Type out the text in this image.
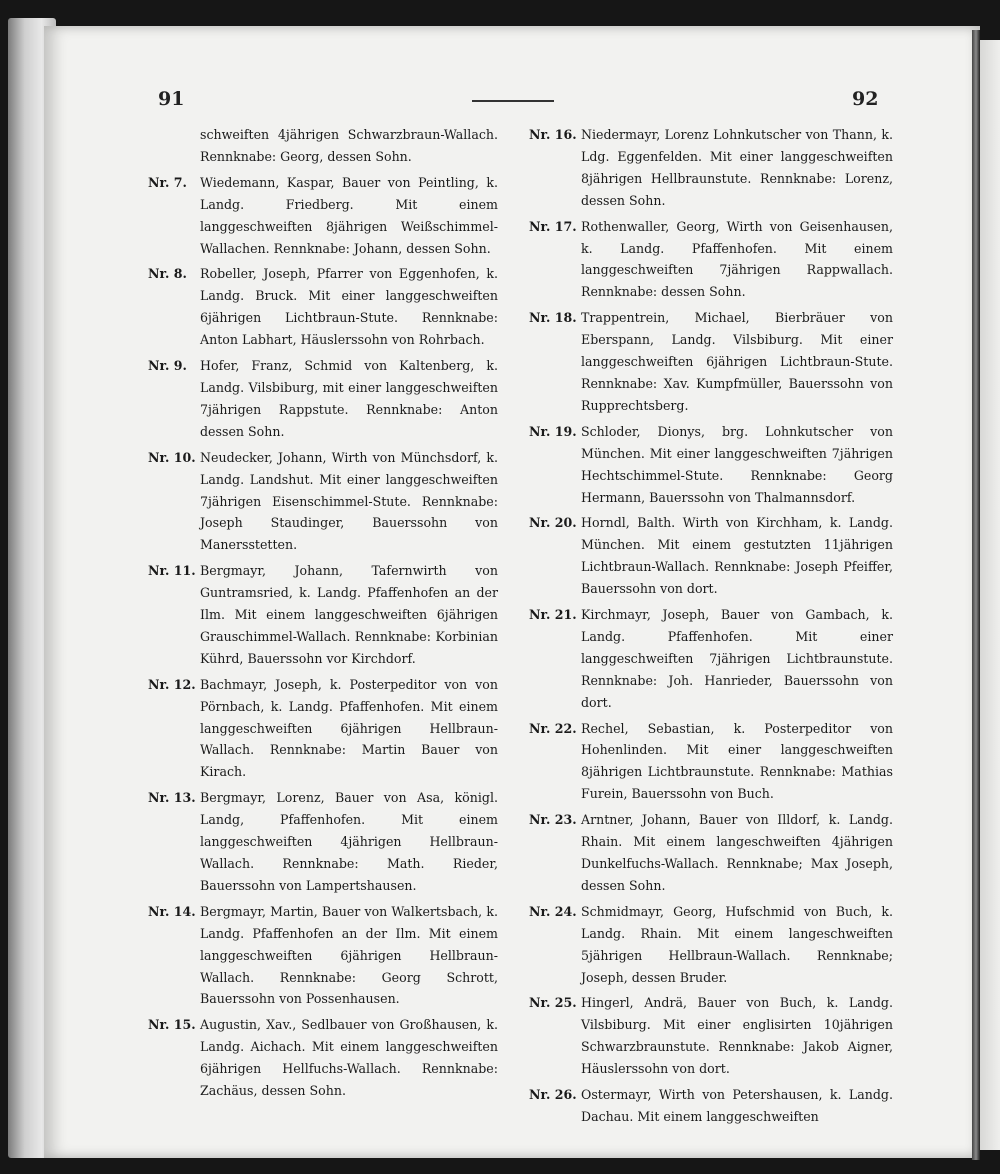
91	92
schweiften 4jährigen Schwarzbraun-Wallach. Rennknabe: Georg, dessen Sohn.
Nr. 7.	Wiedemann, Kaspar, Bauer von Peintling, k. Landg. Friedberg. Mit einem langgeschweiften 8jährigen Weißschimmel-Wallachen. Rennknabe: Johann, dessen Sohn.
Nr. 8.	Robeller, Joseph, Pfarrer von Eggenhofen, k. Landg. Bruck. Mit einer langgeschweiften 6jährigen Lichtbraun-Stute. Rennknabe: Anton Labhart, Häuslerssohn von Rohrbach.
Nr. 9.	Hofer, Franz, Schmid von Kaltenberg, k. Landg. Vilsbiburg, mit einer langgeschweiften 7jährigen Rappstute. Rennknabe: Anton dessen Sohn.
Nr. 10. Neudecker, Johann, Wirth von Münchsdorf, k. Landg. Landshut. Mit einer langgeschweiften 7jährigen Eisenschimmel-Stute. Rennknabe: Joseph Staudinger, Bauerssohn von Manersstetten.
Nr. 11. Bergmayr, Johann, Tafernwirth von Guntramsried, k. Landg. Pfaffenhofen an der Ilm. Mit einem langgeschweiften 6jährigen Grauschimmel-Wallach. Rennknabe: Korbinian Kührd, Bauerssohn vor Kirchdorf.
Nr. 12. Bachmayr, Joseph, k. Posterpeditor von von Pörnbach, k. Landg. Pfaffenhofen. Mit einem langgeschweiften 6jährigen Hellbraun-Wallach. Rennknabe: Martin Bauer von Kirach.
Nr. 13. Bergmayr, Lorenz, Bauer von Asa, königl. Landg, Pfaffenhofen. Mit einem langgeschweiften 4jährigen Hellbraun-Wallach. Rennknabe: Math. Rieder, Bauerssohn von Lampertshausen.
Nr. 14. Bergmayr, Martin, Bauer von Walkertsbach, k. Landg. Pfaffenhofen an der Ilm. Mit einem langgeschweiften 6jährigen Hellbraun-Wallach. Rennknabe: Georg Schrott, Bauerssohn von Possenhausen.
Nr. 15. Augustin, Xav., Sedlbauer von Großhausen, k. Landg. Aichach. Mit einem langgeschweiften 6jährigen Hellfuchs-Wallach. Rennknabe: Zachäus, dessen Sohn.
Nr. 16. Niedermayr, Lorenz Lohnkutscher von Thann, k. Ldg. Eggenfelden. Mit einer langgeschweiften 8jährigen Hellbraunstute. Rennknabe: Lorenz, dessen Sohn.
Nr. 17. Rothenwaller, Georg, Wirth von Geisenhausen, k. Landg. Pfaffenhofen. Mit einem langgeschweiften 7jährigen Rappwallach. Rennknabe: dessen Sohn.
Nr. 18. Trappentrein, Michael, Bierbräuer von Eberspann, Landg. Vilsbiburg. Mit einer langgeschweiften 6jährigen Lichtbraun-Stute. Rennknabe: Xav. Kumpfmüller, Bauerssohn von Rupprechtsberg.
Nr. 19. Schloder, Dionys, brg. Lohnkutscher von München. Mit einer langgeschweiften 7jährigen Hechtschimmel-Stute. Rennknabe: Georg Hermann, Bauerssohn von Thalmannsdorf.
Nr. 20. Horndl, Balth. Wirth von Kirchham, k. Landg. München. Mit einem gestutzten 11jährigen Lichtbraun-Wallach. Rennknabe: Joseph Pfeiffer, Bauerssohn von dort.
Nr. 21. Kirchmayr, Joseph, Bauer von Gambach, k. Landg. Pfaffenhofen. Mit einer langgeschweiften 7jährigen Lichtbraunstute. Rennknabe: Joh. Hanrieder, Bauerssohn von dort.
Nr. 22. Rechel, Sebastian, k. Posterpeditor von Hohenlinden. Mit einer langgeschweiften 8jährigen Lichtbraunstute. Rennknabe: Mathias Furein, Bauerssohn von Buch.
Nr. 23. Arntner, Johann, Bauer von Illdorf, k. Landg. Rhain. Mit einem langeschweiften 4jährigen Dunkelfuchs-Wallach. Rennknabe; Max Joseph, dessen Sohn.
Nr. 24. Schmidmayr, Georg, Hufschmid von Buch, k. Landg. Rhain. Mit einem langeschweiften 5jährigen Hellbraun-Wallach. Rennknabe; Joseph, dessen Bruder.
Nr. 25. Hingerl, Andrä, Bauer von Buch, k. Landg. Vilsbiburg. Mit einer englisirten 10jährigen Schwarzbraunstute. Rennknabe: Jakob Aigner, Häuslerssohn von dort.
Nr. 26. Ostermayr, Wirth von Petershausen, k. Landg. Dachau. Mit einem langgeschweiften
